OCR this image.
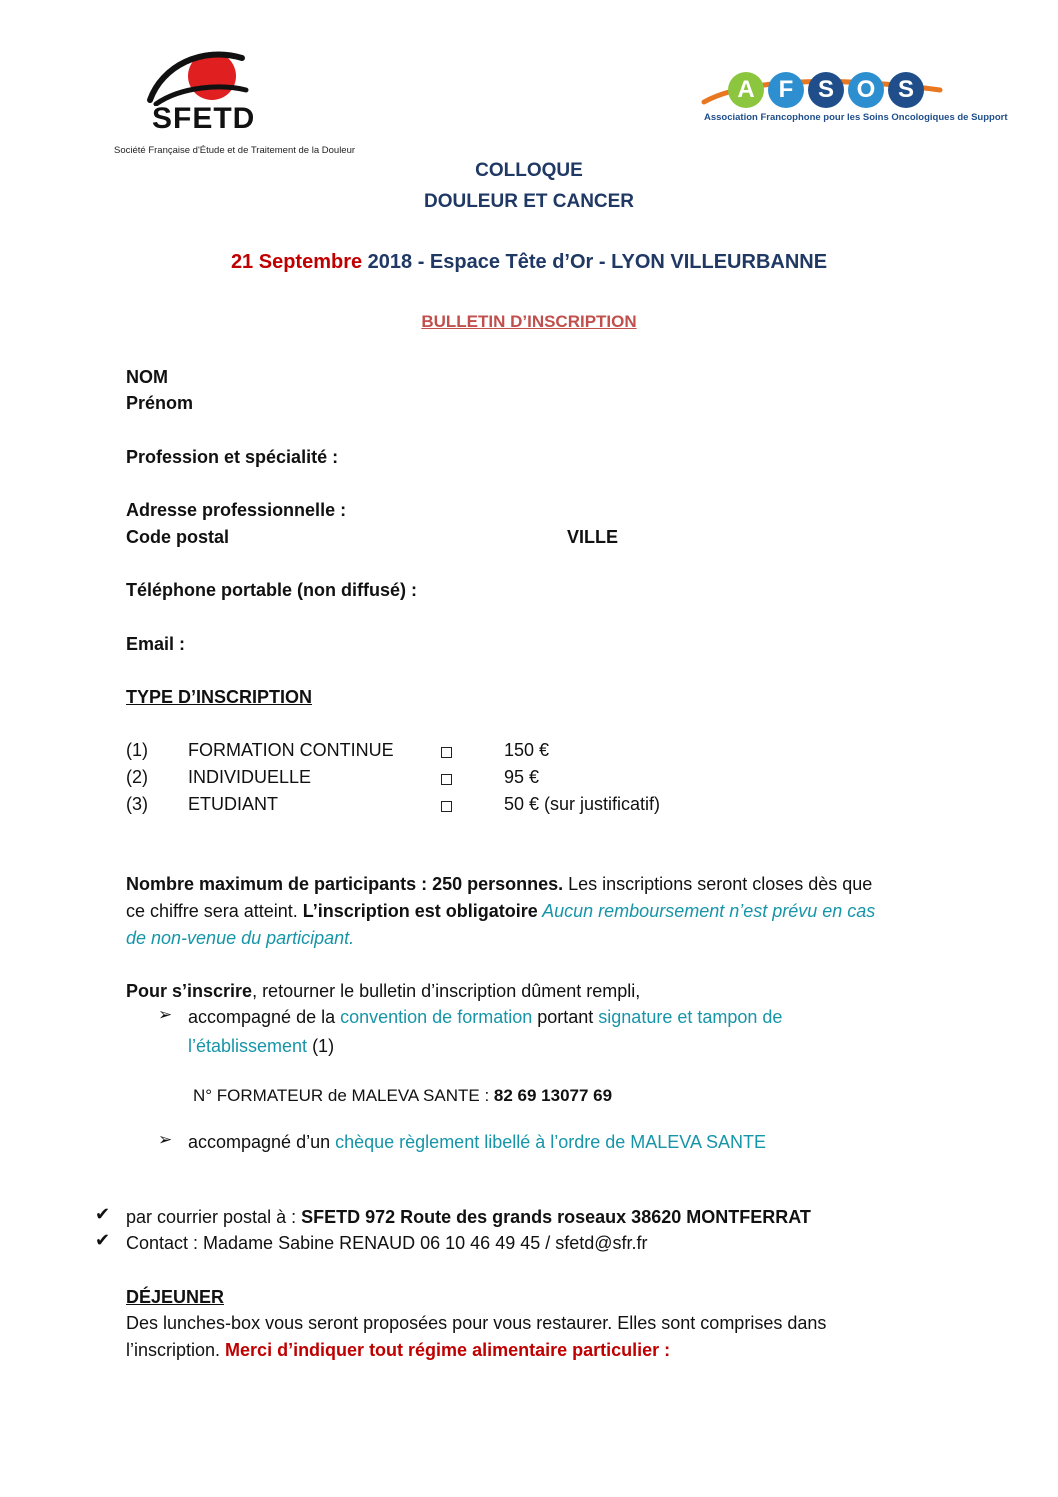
SFETD
Société Française d'Étude et de Traitement de la Douleur
A F	S O S
Association Francophone pour les Soins Oncologiques de Support
COLLOQUE
DOULEUR ET CANCER
21 Septembre 2018 - Espace Tête d’Or - LYON VILLEURBANNE
BULLETIN D’INSCRIPTION
NOM
Prénom
Profession et spécialité :
Adresse professionnelle :
Code postal	VILLE
Téléphone portable (non diffusé) :
Email :
TYPE D’INSCRIPTION
(1) FORMATION CONTINUE	150 €
(2) INDIVIDUELLE	95 €
(3) ETUDIANT	50 € (sur justificatif)
Nombre maximum de participants : 250 personnes. Les inscriptions seront closes dès que
ce chiffre sera atteint. L’inscription est obligatoire Aucun remboursement n’est prévu en cas
de non-venue du participant.
Pour s’inscrire, retourner le bulletin d’inscription dûment rempli,
➢ accompagné de la convention de formation portant signature et tampon de
l’établissement (1)
N° FORMATEUR de MALEVA SANTE : 82 69 13077 69
➢ accompagné d’un chèque règlement libellé à l’ordre de MALEVA SANTE
✔ par courrier postal à : SFETD 972 Route des grands roseaux 38620 MONTFERRAT
✔ Contact : Madame Sabine RENAUD 06 10 46 49 45 / sfetd@sfr.fr
DÉJEUNER
Des lunches-box vous seront proposées pour vous restaurer. Elles sont comprises dans
l’inscription. Merci d’indiquer tout régime alimentaire particulier :
